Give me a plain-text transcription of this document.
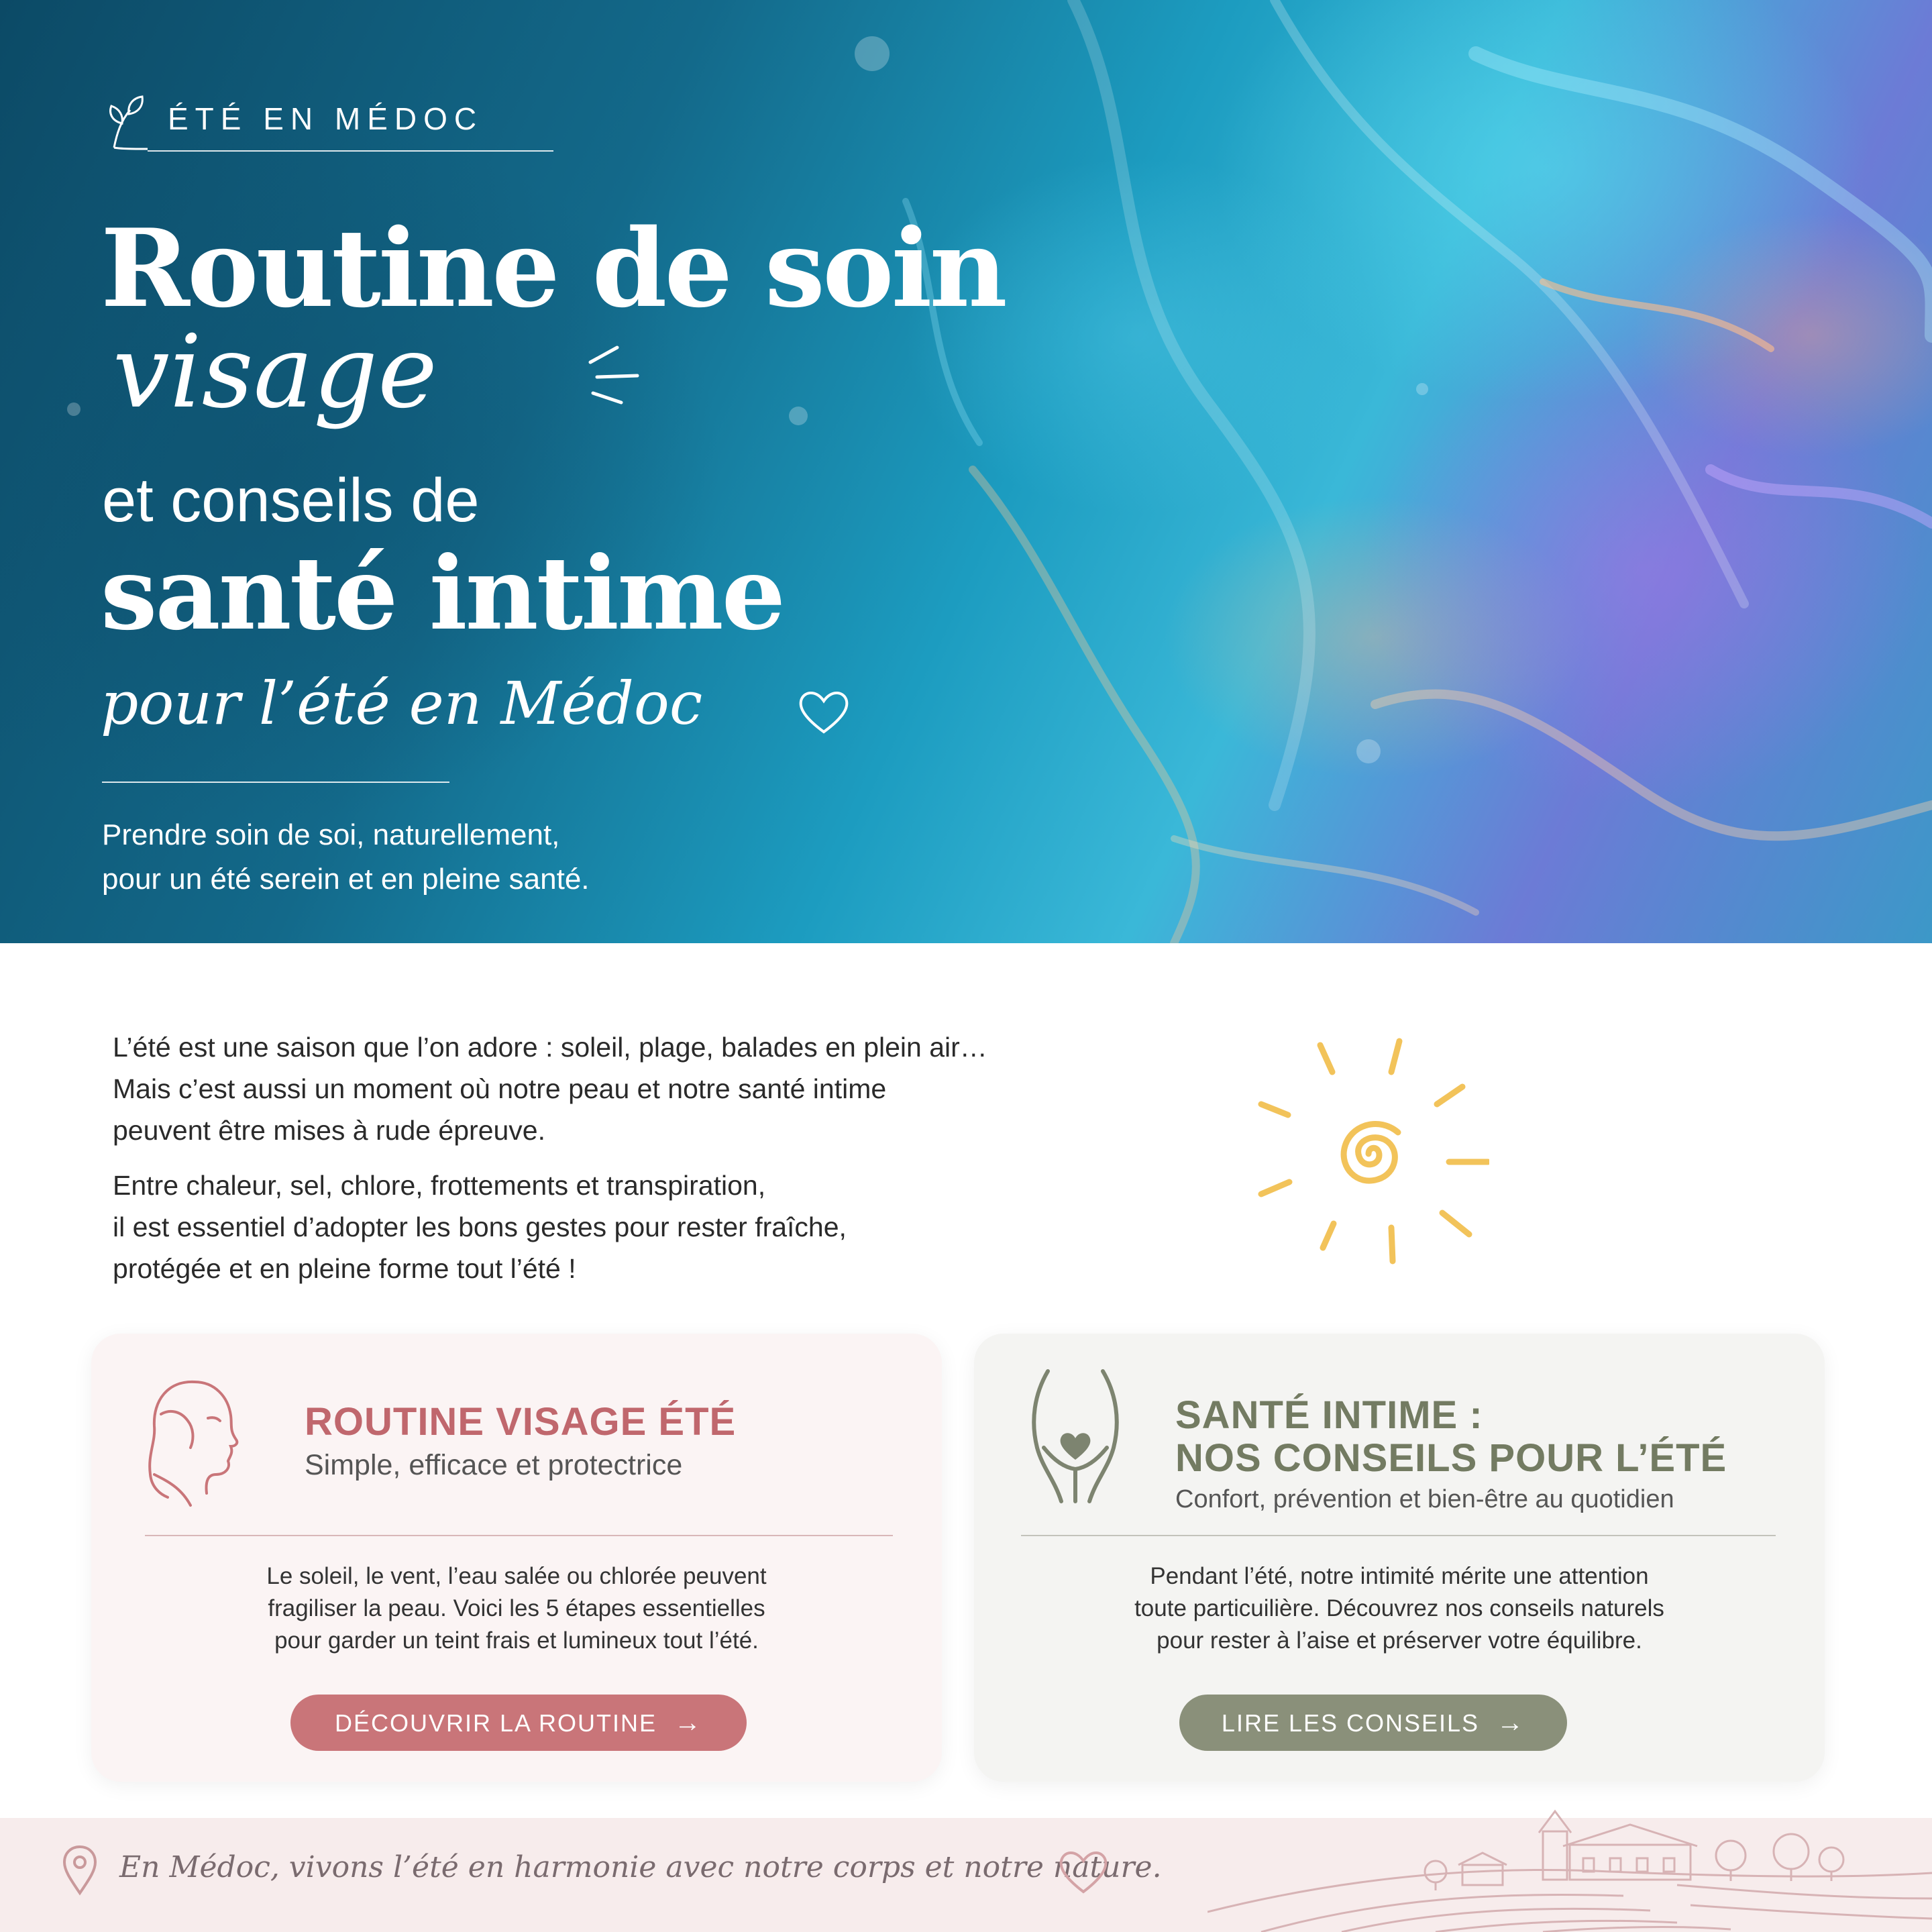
ÉTÉ EN MÉDOC
Routine de soin
visage
et conseils de
santé intime
pour l’été en Médoc
Prendre soin de soi, naturellement,
pour un été serein et en pleine santé.

L’été est une saison que l’on adore : soleil, plage, balades en plein air…
Mais c’est aussi un moment où notre peau et notre santé intime
peuvent être mises à rude épreuve.

Entre chaleur, sel, chlore, frottements et transpiration,
il est essentiel d’adopter les bons gestes pour rester fraîche,
protégée et en pleine forme tout l’été !

ROUTINE VISAGE ÉTÉ
Simple, efficace et protectrice
Le soleil, le vent, l’eau salée ou chlorée peuvent
fragiliser la peau. Voici les 5 étapes essentielles
pour garder un teint frais et lumineux tout l’été.
DÉCOUVRIR LA ROUTINE →
SANTÉ INTIME :
NOS CONSEILS POUR L’ÉTÉ
Confort, prévention et bien-être au quotidien
Pendant l’été, notre intimité mérite une attention
toute particuilière. Découvrez nos conseils naturels
pour rester à l’aise et préserver votre équilibre.
LIRE LES CONSEILS →
En Médoc, vivons l’été en harmonie avec notre corps et notre nature.
